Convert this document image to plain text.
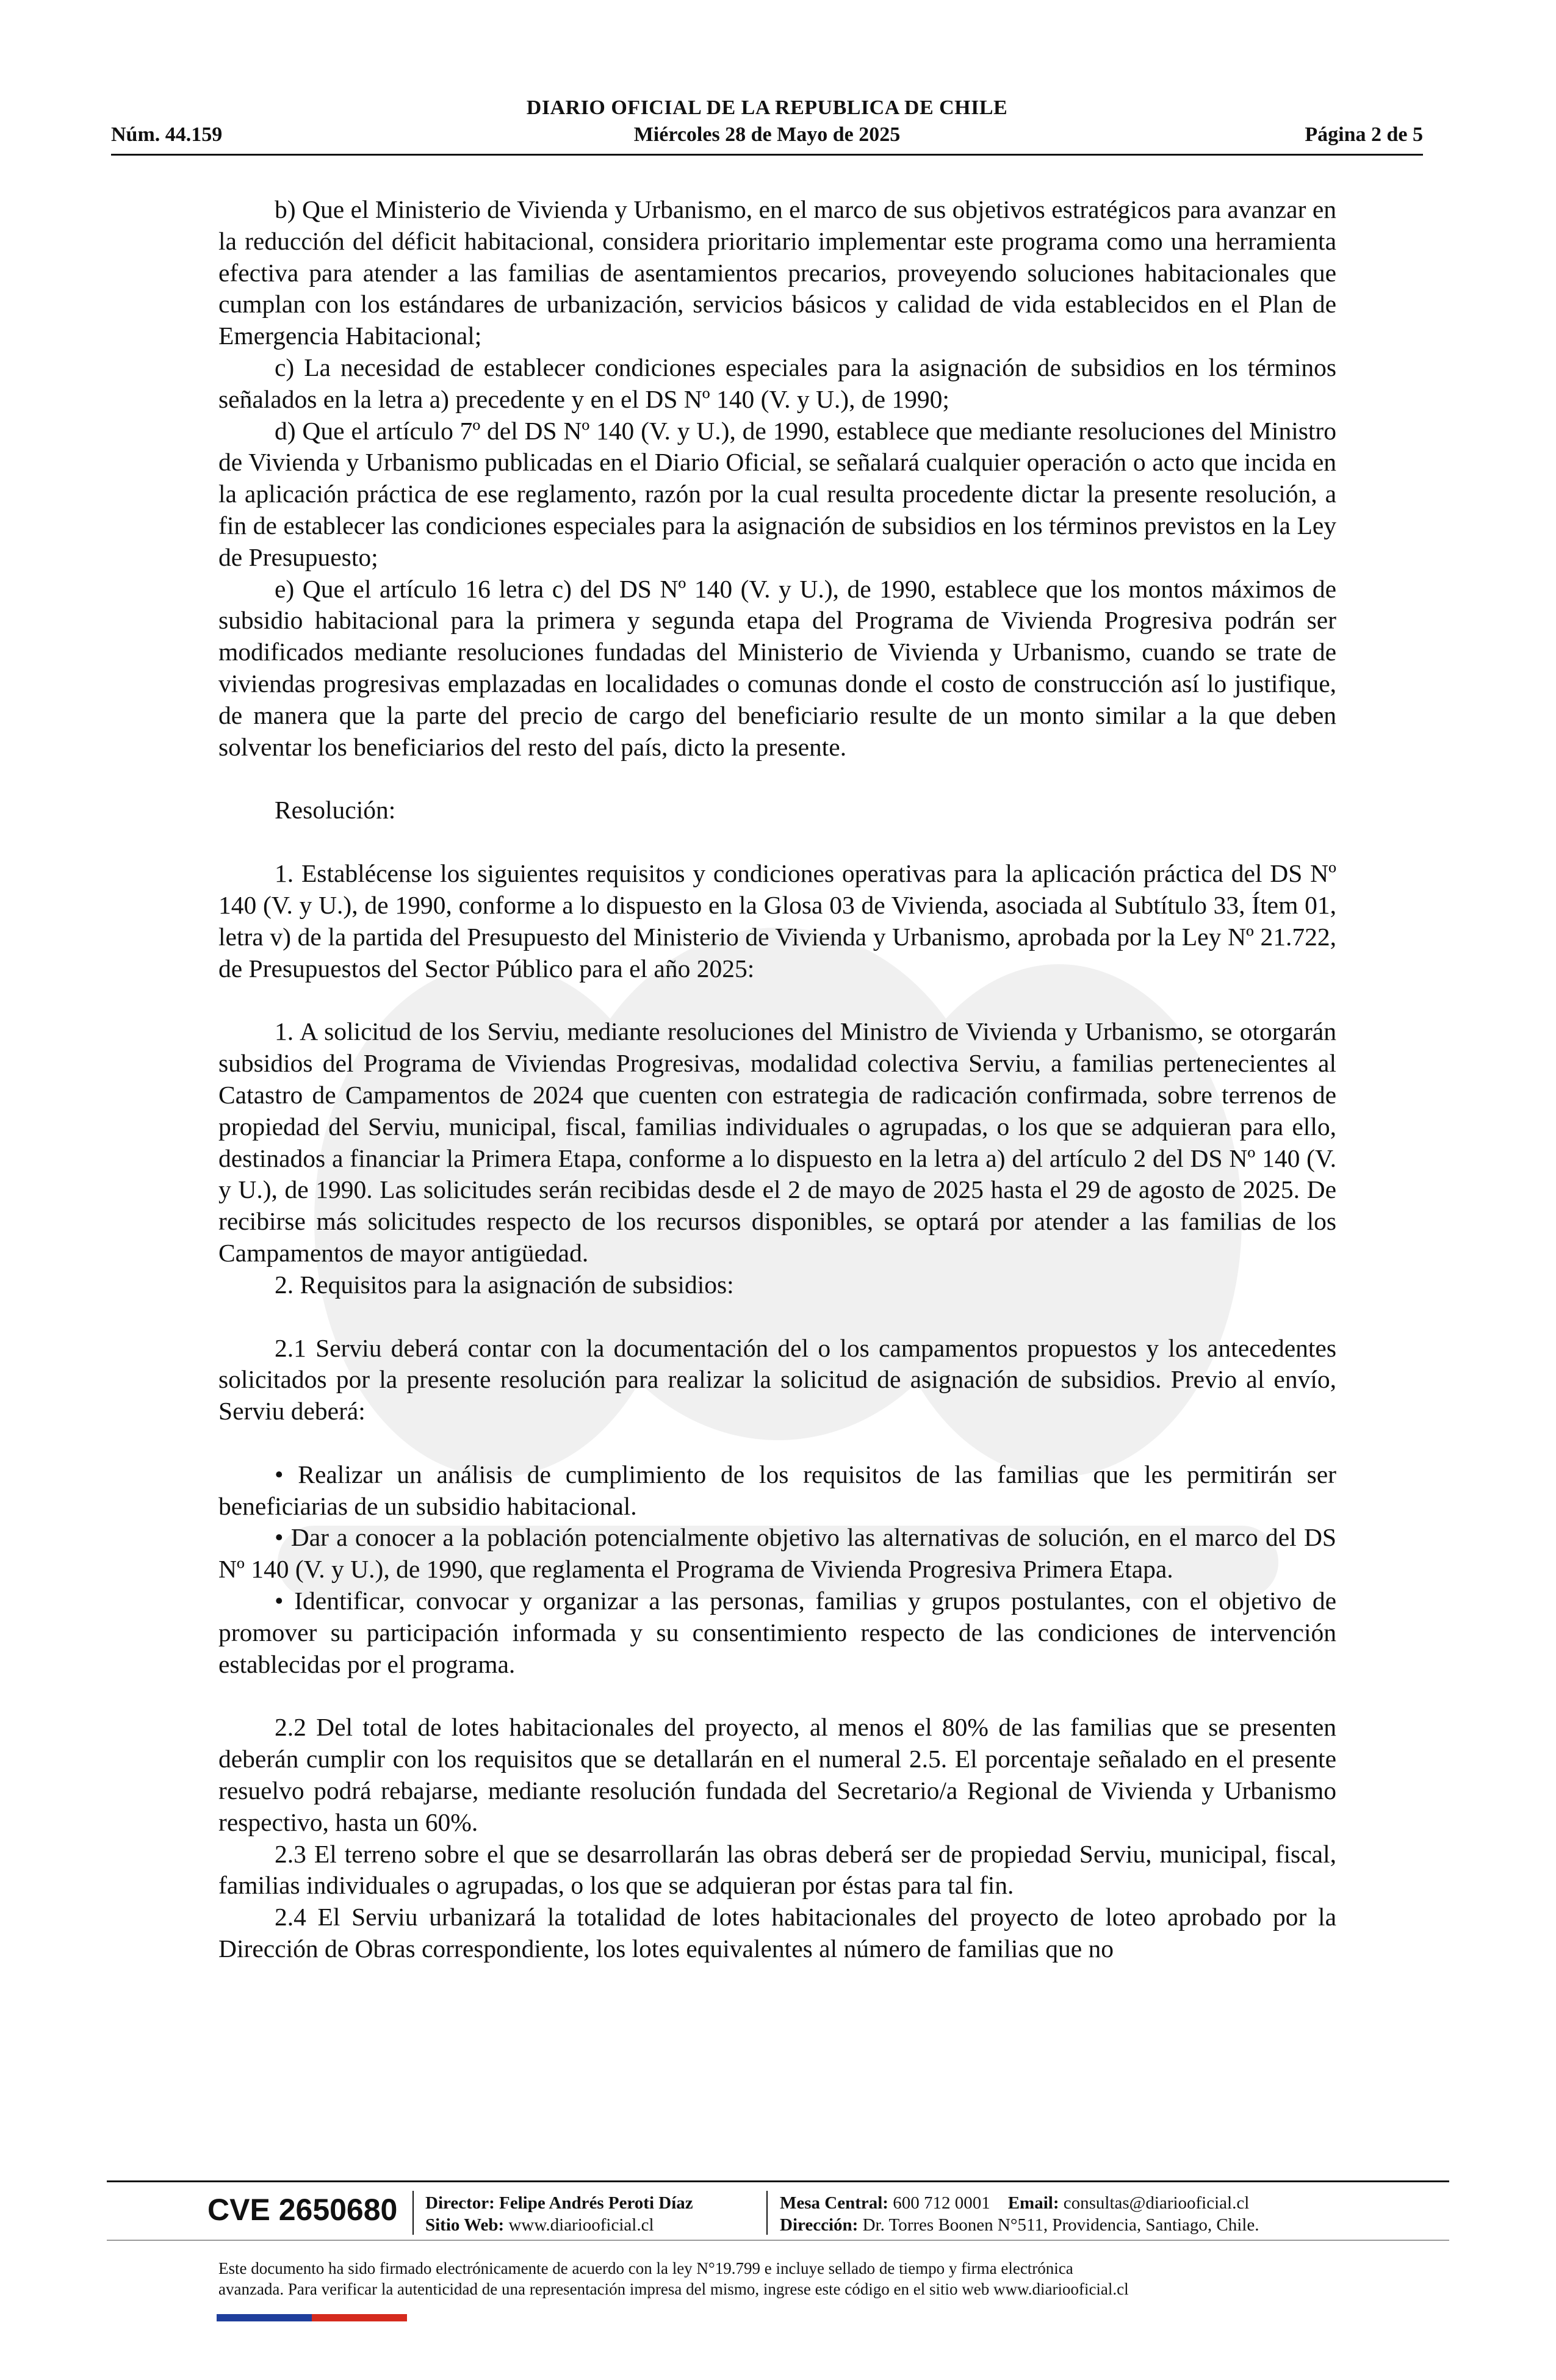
DIARIO OFICIAL DE LA REPUBLICA DE CHILE
Núm. 44.159	Miércoles 28 de Mayo de 2025	Página 2 de 5

b) Que el Ministerio de Vivienda y Urbanismo, en el marco de sus objetivos estratégicos para avanzar en la reducción del déficit habitacional, considera prioritario implementar este programa como una herramienta efectiva para atender a las familias de asentamientos precarios, proveyendo soluciones habitacionales que cumplan con los estándares de urbanización, servicios básicos y calidad de vida establecidos en el Plan de Emergencia Habitacional;

c) La necesidad de establecer condiciones especiales para la asignación de subsidios en los términos señalados en la letra a) precedente y en el DS Nº 140 (V. y U.), de 1990;

d) Que el artículo 7º del DS Nº 140 (V. y U.), de 1990, establece que mediante resoluciones del Ministro de Vivienda y Urbanismo publicadas en el Diario Oficial, se señalará cualquier operación o acto que incida en la aplicación práctica de ese reglamento, razón por la cual resulta procedente dictar la presente resolución, a fin de establecer las condiciones especiales para la asignación de subsidios en los términos previstos en la Ley de Presupuesto;

e) Que el artículo 16 letra c) del DS Nº 140 (V. y U.), de 1990, establece que los montos máximos de subsidio habitacional para la primera y segunda etapa del Programa de Vivienda Progresiva podrán ser modificados mediante resoluciones fundadas del Ministerio de Vivienda y Urbanismo, cuando se trate de viviendas progresivas emplazadas en localidades o comunas donde el costo de construcción así lo justifique, de manera que la parte del precio de cargo del beneficiario resulte de un monto similar a la que deben solventar los beneficiarios del resto del país, dicto la presente.

Resolución:

1. Establécense los siguientes requisitos y condiciones operativas para la aplicación práctica del DS Nº 140 (V. y U.), de 1990, conforme a lo dispuesto en la Glosa 03 de Vivienda, asociada al Subtítulo 33, Ítem 01, letra v) de la partida del Presupuesto del Ministerio de Vivienda y Urbanismo, aprobada por la Ley Nº 21.722, de Presupuestos del Sector Público para el año 2025:

1. A solicitud de los Serviu, mediante resoluciones del Ministro de Vivienda y Urbanismo, se otorgarán subsidios del Programa de Viviendas Progresivas, modalidad colectiva Serviu, a familias pertenecientes al Catastro de Campamentos de 2024 que cuenten con estrategia de radicación confirmada, sobre terrenos de propiedad del Serviu, municipal, fiscal, familias individuales o agrupadas, o los que se adquieran para ello, destinados a financiar la Primera Etapa, conforme a lo dispuesto en la letra a) del artículo 2 del DS Nº 140 (V. y U.), de 1990. Las solicitudes serán recibidas desde el 2 de mayo de 2025 hasta el 29 de agosto de 2025. De recibirse más solicitudes respecto de los recursos disponibles, se optará por atender a las familias de los Campamentos de mayor antigüedad.

2. Requisitos para la asignación de subsidios:

2.1 Serviu deberá contar con la documentación del o los campamentos propuestos y los antecedentes solicitados por la presente resolución para realizar la solicitud de asignación de subsidios. Previo al envío, Serviu deberá:

• Realizar un análisis de cumplimiento de los requisitos de las familias que les permitirán ser beneficiarias de un subsidio habitacional.

• Dar a conocer a la población potencialmente objetivo las alternativas de solución, en el marco del DS Nº 140 (V. y U.), de 1990, que reglamenta el Programa de Vivienda Progresiva Primera Etapa.

• Identificar, convocar y organizar a las personas, familias y grupos postulantes, con el objetivo de promover su participación informada y su consentimiento respecto de las condiciones de intervención establecidas por el programa.

2.2 Del total de lotes habitacionales del proyecto, al menos el 80% de las familias que se presenten deberán cumplir con los requisitos que se detallarán en el numeral 2.5. El porcentaje señalado en el presente resuelvo podrá rebajarse, mediante resolución fundada del Secretario/a Regional de Vivienda y Urbanismo respectivo, hasta un 60%.

2.3 El terreno sobre el que se desarrollarán las obras deberá ser de propiedad Serviu, municipal, fiscal, familias individuales o agrupadas, o los que se adquieran por éstas para tal fin.

2.4 El Serviu urbanizará la totalidad de lotes habitacionales del proyecto de loteo aprobado por la Dirección de Obras correspondiente, los lotes equivalentes al número de familias que no

CVE 2650680 Director: Felipe Andrés Peroti Díaz
Sitio Web: www.diariooficial.cl
Mesa Central: 600 712 0001 Email: consultas@diariooficial.cl
Dirección: Dr. Torres Boonen N°511, Providencia, Santiago, Chile.
Este documento ha sido firmado electrónicamente de acuerdo con la ley N°19.799 e incluye sellado de tiempo y firma electrónica
avanzada. Para verificar la autenticidad de una representación impresa del mismo, ingrese este código en el sitio web www.diariooficial.cl
